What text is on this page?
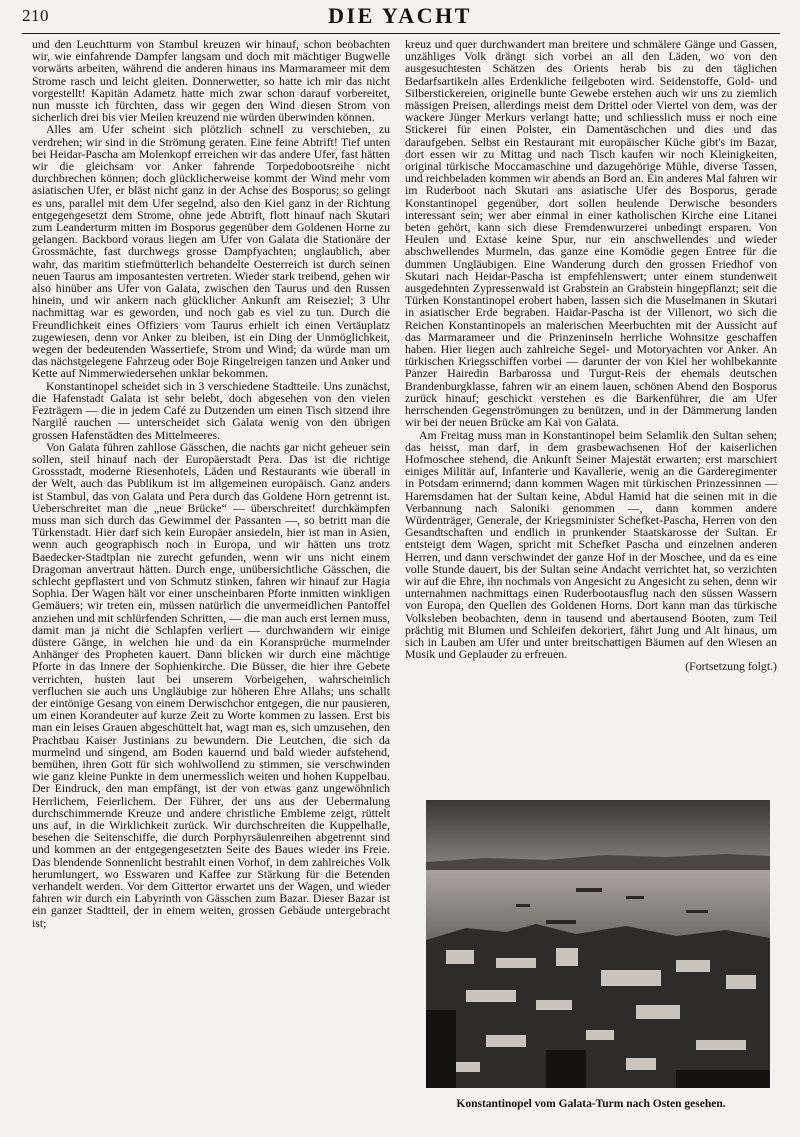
210	DIE YACHT

und den Leuchtturm von Stambul kreuzen wir hinauf, schon beobachten wir, wie einfahrende Dampfer langsam und doch mit mächtiger Bugwelle vorwärts arbeiten, während die anderen hinaus ins Marmarameer mit dem Strome rasch und leicht gleiten. Donnerwetter, so hatte ich mir das nicht vorgestellt! Kapitän Adametz hatte mich zwar schon darauf vorbereitet, nun musste ich fürchten, dass wir gegen den Wind diesen Strom von sicherlich drei bis vier Meilen kreuzend nie würden überwinden können.

Alles am Ufer scheint sich plötzlich schnell zu verschieben, zu verdrehen; wir sind in die Strömung geraten. Eine feine Abtrift! Tief unten bei Heidar-Pascha am Molenkopf erreichen wir das andere Ufer, fast hätten wir die gleichsam vor Anker fahrende Torpedobootsreihe nicht durchbrechen können; doch glücklicherweise kommt der Wind mehr vom asiatischen Ufer, er bläst nicht ganz in der Achse des Bosporus; so gelingt es uns, parallel mit dem Ufer segelnd, also den Kiel ganz in der Richtung entgegengesetzt dem Strome, ohne jede Abtrift, flott hinauf nach Skutari zum Leanderturm mitten im Bosporus gegenüber dem Goldenen Horne zu gelangen. Backbord voraus liegen am Ufer von Galata die Stationäre der Grossmächte, fast durchwegs grosse Dampfyachten; unglaublich, aber wahr, das maritim stiefmütterlich behandelte Oesterreich ist durch seinen neuen Taurus am imposantesten vertreten. Wieder stark treibend, gehen wir also hinüber ans Ufer von Galata, zwischen den Taurus und den Russen hinein, und wir ankern nach glücklicher Ankunft am Reiseziel; 3 Uhr nachmittag war es geworden, und noch gab es viel zu tun. Durch die Freundlichkeit eines Offiziers vom Taurus erhielt ich einen Vertäuplatz zugewiesen, denn vor Anker zu bleiben, ist ein Ding der Unmöglichkeit, wegen der bedeutenden Wassertiefe, Strom und Wind; da würde man um das nächstgelegene Fahrzeug oder Boje Ringelreigen tanzen und Anker und Kette auf Nimmerwiedersehen unklar bekommen.

Konstantinopel scheidet sich in 3 verschiedene Stadtteile. Uns zunächst, die Hafenstadt Galata ist sehr belebt, doch abgesehen von den vielen Fezträgern — die in jedem Café zu Dutzenden um einen Tisch sitzend ihre Nargilé rauchen — unterscheidet sich Galata wenig von den übrigen grossen Hafenstädten des Mittelmeeres.

Von Galata führen zahllose Gässchen, die nachts gar nicht geheuer sein sollen, steil hinauf nach der Europäerstadt Pera. Das ist die richtige Grossstadt, moderne Riesenhotels, Läden und Restaurants wie überall in der Welt, auch das Publikum ist im allgemeinen europäisch. Ganz anders ist Stambul, das von Galata und Pera durch das Goldene Horn getrennt ist. Ueberschreitet man die „neue Brücke“ — überschreitet! durchkämpfen muss man sich durch das Gewimmel der Passanten —, so betritt man die Türkenstadt. Hier darf sich kein Europäer ansiedeln, hier ist man in Asien, wenn auch geographisch noch in Europa, und wir hätten uns trotz Baedecker-Stadtplan nie zurecht gefunden, wenn wir uns nicht einem Dragoman anvertraut hätten. Durch enge, unübersichtliche Gässchen, die schlecht gepflastert und von Schmutz stinken, fahren wir hinauf zur Hagia Sophia. Der Wagen hält vor einer unscheinbaren Pforte inmitten winkligen Gemäuers; wir treten ein, müssen natürlich die unvermeidlichen Pantoffel anziehen und mit schlürfenden Schritten, — die man auch erst lernen muss, damit man ja nicht die Schlapfen verliert — durchwandern wir einige düstere Gänge, in welchen hie und da ein Koransprüche murmelnder Anhänger des Propheten kauert. Dann blicken wir durch eine mächtige Pforte in das Innere der Sophienkirche. Die Büsser, die hier ihre Gebete verrichten, husten laut bei unserem Vorbeigehen, wahrscheinlich verfluchen sie auch uns Ungläubige zur höheren Ehre Allahs; uns schallt der eintönige Gesang von einem Derwischchor entgegen, die nur pausieren, um einen Korandeuter auf kurze Zeit zu Worte kommen zu lassen. Erst bis man ein leises Grauen abgeschüttelt hat, wagt man es, sich umzusehen, den Prachtbau Kaiser Justinians zu bewundern. Die Leutchen, die sich da murmelnd und singend, am Boden kauernd und bald wieder aufstehend, bemühen, ihren Gott für sich wohlwollend zu stimmen, sie verschwinden wie ganz kleine Punkte in dem unermesslich weiten und hohen Kuppelbau. Der Eindruck, den man empfängt, ist der von etwas ganz ungewöhnlich Herrlichem, Feierlichem. Der Führer, der uns aus der Uebermalung durchschimmernde Kreuze und andere christliche Embleme zeigt, rüttelt uns auf, in die Wirklichkeit zurück. Wir durchschreiten die Kuppelhalle, besehen die Seitenschiffe, die durch Porphyrsäulenreihen abgetrennt sind und kommen an der entgegengesetzten Seite des Baues wieder ins Freie. Das blendende Sonnenlicht bestrahlt einen Vorhof, in dem zahlreiches Volk herumlungert, wo Esswaren und Kaffee zur Stärkung für die Betenden verhandelt werden. Vor dem Gittertor erwartet uns der Wagen, und wieder fahren wir durch ein Labyrinth von Gässchen zum Bazar. Dieser Bazar ist ein ganzer Stadtteil, der in einem weiten, grossen Gebäude untergebracht ist;

kreuz und quer durchwandert man breitere und schmälere Gänge und Gassen, unzähliges Volk drängt sich vorbei an all den Läden, wo von den ausgesuchtesten Schätzen des Orients herab bis zu den täglichen Bedarfsartikeln alles Erdenkliche feilgeboten wird. Seidenstoffe, Gold- und Silberstickereien, originelle bunte Gewebe erstehen auch wir uns zu ziemlich mässigen Preisen, allerdings meist dem Drittel oder Viertel von dem, was der wackere Jünger Merkurs verlangt hatte; und schliesslich muss er noch eine Stickerei für einen Polster, ein Damentäschchen und dies und das daraufgeben. Selbst ein Restaurant mit europäischer Küche gibt's im Bazar, dort essen wir zu Mittag und nach Tisch kaufen wir noch Kleinigkeiten, original türkische Moccamaschine und dazugehörige Mühle, diverse Tassen, und reichbeladen kommen wir abends an Bord an. Ein anderes Mal fahren wir im Ruderboot nach Skutari ans asiatische Ufer des Bosporus, gerade Konstantinopel gegenüber, dort sollen heulende Derwische besonders interessant sein; wer aber einmal in einer katholischen Kirche eine Litanei beten gehört, kann sich diese Fremdenwurzerei unbedingt ersparen. Von Heulen und Extase keine Spur, nur ein anschwellendes und wieder abschwellendes Murmeln, das ganze eine Komödie gegen Entree für die dummen Ungläubigen. Eine Wanderung durch den grossen Friedhof von Skutari nach Heidar-Pascha ist empfehlenswert; unter einem stundenweit ausgedehnten Zypressenwald ist Grabstein an Grabstein hingepflanzt; seit die Türken Konstantinopel erobert haben, lassen sich die Muselmanen in Skutari in asiatischer Erde begraben. Haidar-Pascha ist der Villenort, wo sich die Reichen Konstantinopels an malerischen Meerbuchten mit der Aussicht auf das Marmarameer und die Prinzeninseln herrliche Wohnsitze geschaffen haben. Hier liegen auch zahlreiche Segel- und Motoryachten vor Anker. An türkischen Kriegsschiffen vorbei — darunter der von Kiel her wohlbekannte Panzer Hairedin Barbarossa und Turgut-Reis der ehemals deutschen Brandenburgklasse, fahren wir an einem lauen, schönen Abend den Bosporus zurück hinauf; geschickt verstehen es die Barkenführer, die am Ufer herrschenden Gegenströmungen zu benützen, und in der Dämmerung landen wir bei der neuen Brücke am Kai von Galata.

Am Freitag muss man in Konstantinopel beim Selamlik den Sultan sehen; das heisst, man darf, in dem grasbewachsenen Hof der kaiserlichen Hofmoschee stehend, die Ankunft Seiner Majestät erwarten; erst marschiert einiges Militär auf, Infanterie und Kavallerie, wenig an die Garderegimenter in Potsdam erinnernd; dann kommen Wagen mit türkischen Prinzessinnen — Haremsdamen hat der Sultan keine, Abdul Hamid hat die seinen mit in die Verbannung nach Saloniki genommen —, dann kommen andere Würdenträger, Generale, der Kriegsminister Schefket-Pascha, Herren von den Gesandtschaften und endlich in prunkender Staatskarosse der Sultan. Er entsteigt dem Wagen, spricht mit Schefket Pascha und einzelnen anderen Herren, und dann verschwindet der ganze Hof in der Moschee, und da es eine volle Stunde dauert, bis der Sultan seine Andacht verrichtet hat, so verzichten wir auf die Ehre, ihn nochmals von Angesicht zu Angesicht zu sehen, denn wir unternahmen nachmittags einen Ruderbootausflug nach den süssen Wassern von Europa, den Quellen des Goldenen Horns. Dort kann man das türkische Volksleben beobachten, denn in tausend und abertausend Booten, zum Teil prächtig mit Blumen und Schleifen dekoriert, fährt Jung und Alt hinaus, um sich in Lauben am Ufer und unter breitschattigen Bäumen auf den Wiesen an Musik und Geplauder zu erfreuen.

(Fortsetzung folgt.)

Konstantinopel vom Galata-Turm nach Osten gesehen.
